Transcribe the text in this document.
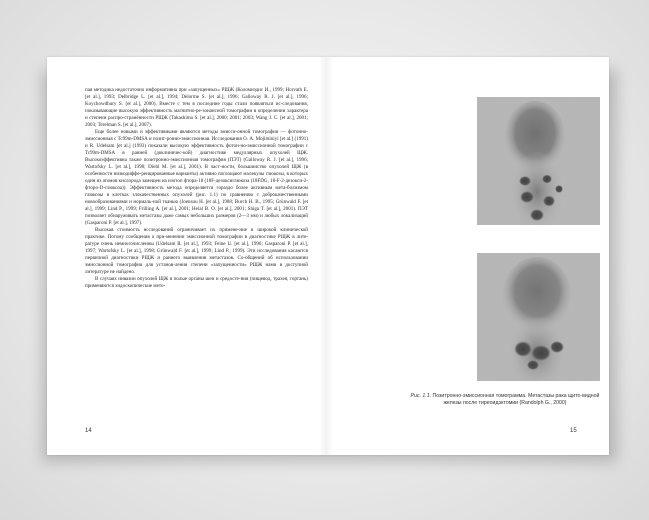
пая методика недостаточно информативна при «запущенных» РЩЖ (Коломиэдис И., 1999; Horvath E. [et al.], 1993; Delbridge L. [et al.], 1994; Delorme S. [et al.], 1996; Galloway R. J. [et al.], 1996; Koychowdhury S. [et al.], 2000). Вместе с тем в последние годы стали появляться ис-следования, показывающие высокую эффективность магнитно-ре-зонансной томографии в определении характера и степени распро-странённости РЩЖ (Takashima S. [et al.], 2000; 2001; 2003; Wang J. C. [et al.], 2001; 2003; Terelman S. [et al.], 2007).

Еще более новыми и эффективными являются методы эмисси-онной томографии — фотонно-эмиссионная с Tc99m-DMSA и позит-ронно-эмиссионная. Исследования О. А. Mojiminiyi [et al.] (1991) и R. Udelsam [et al.] (1993) показали высокую эффективность фотон-но-эмиссионной томографии с Tc99m-DMSA в ранней (доклиничес-кой) диагностике медуллярных опухолей ЩЖ. Высокоэффективна также позитронно-эмиссионная томография (ПЭТ) (Galloway R. J. [et al.], 1996; Wartofsky L. [et al.], 1998; Diehl M. [et al.], 2001). В част-ности, большинство опухолей ЩЖ (в особенности низкодиффе-ренцированные варианты) активно поглощают молекулы глюкозы, в которых один из атомов кислорода замещен на изотоп фтора-18 (18F-дезоксиглюкоза (18FDG, 18-F-2-дезокси-2-фторо-D-глюкоза)). Эффективность метода определяется гораздо более активным мета-болизмом глюкозы в клетках злокачественных опухолей (рис. 1.1) по сравнению с доброкачественными новообразованиями и нормаль-ной тканью (Joensuu H. [et al.], 1988; Burch H. B., 1995; Grünwald F. [et al.], 1999; Lind P., 1999; Frilling A. [et al.], 2001; Helal B. O. [et al.], 2001; Shiga T. [et al.], 2001). ПЭТ позволяет обнаруживать метастазы даже самых небольших размеров (2—3 мм) и любых локализаций (Gasparoni P. [et al.], 1997).

Высокая стоимость исследований ограничивает их примене-ние в широкой клинической практике. Потому сообщения о при-менении эмиссионной томографии в диагностике РЩЖ в лите-ратуре очень немногочисленны (Udelsam R. [et al.], 1993; Feine U. [et al.], 1996; Gasparoni P. [et al.], 1997; Wartofsky L. [et al.], 1998; Grünwald F. [et al.], 1999; Lind P., 1999). Эти исследования касаются первичной диагностики РЩЖ и раннего выявления метастазов. Со-общений об использовании эмиссионной томографии для установ-ления степени «запущенности» РЩЖ нами в доступной литературе не найдено.

В случаях инвазии опухолей ЩЖ в полые органы шеи и средосте-ния (пищевод, трахея, гортань) применяются эндоскопические мето-

14
Рис. 1.1. Позитронно-эмиссионная томограмма. Метастазы рака щито-видной железы после тиреоидэктомии (Randolph G., 2000)
15
